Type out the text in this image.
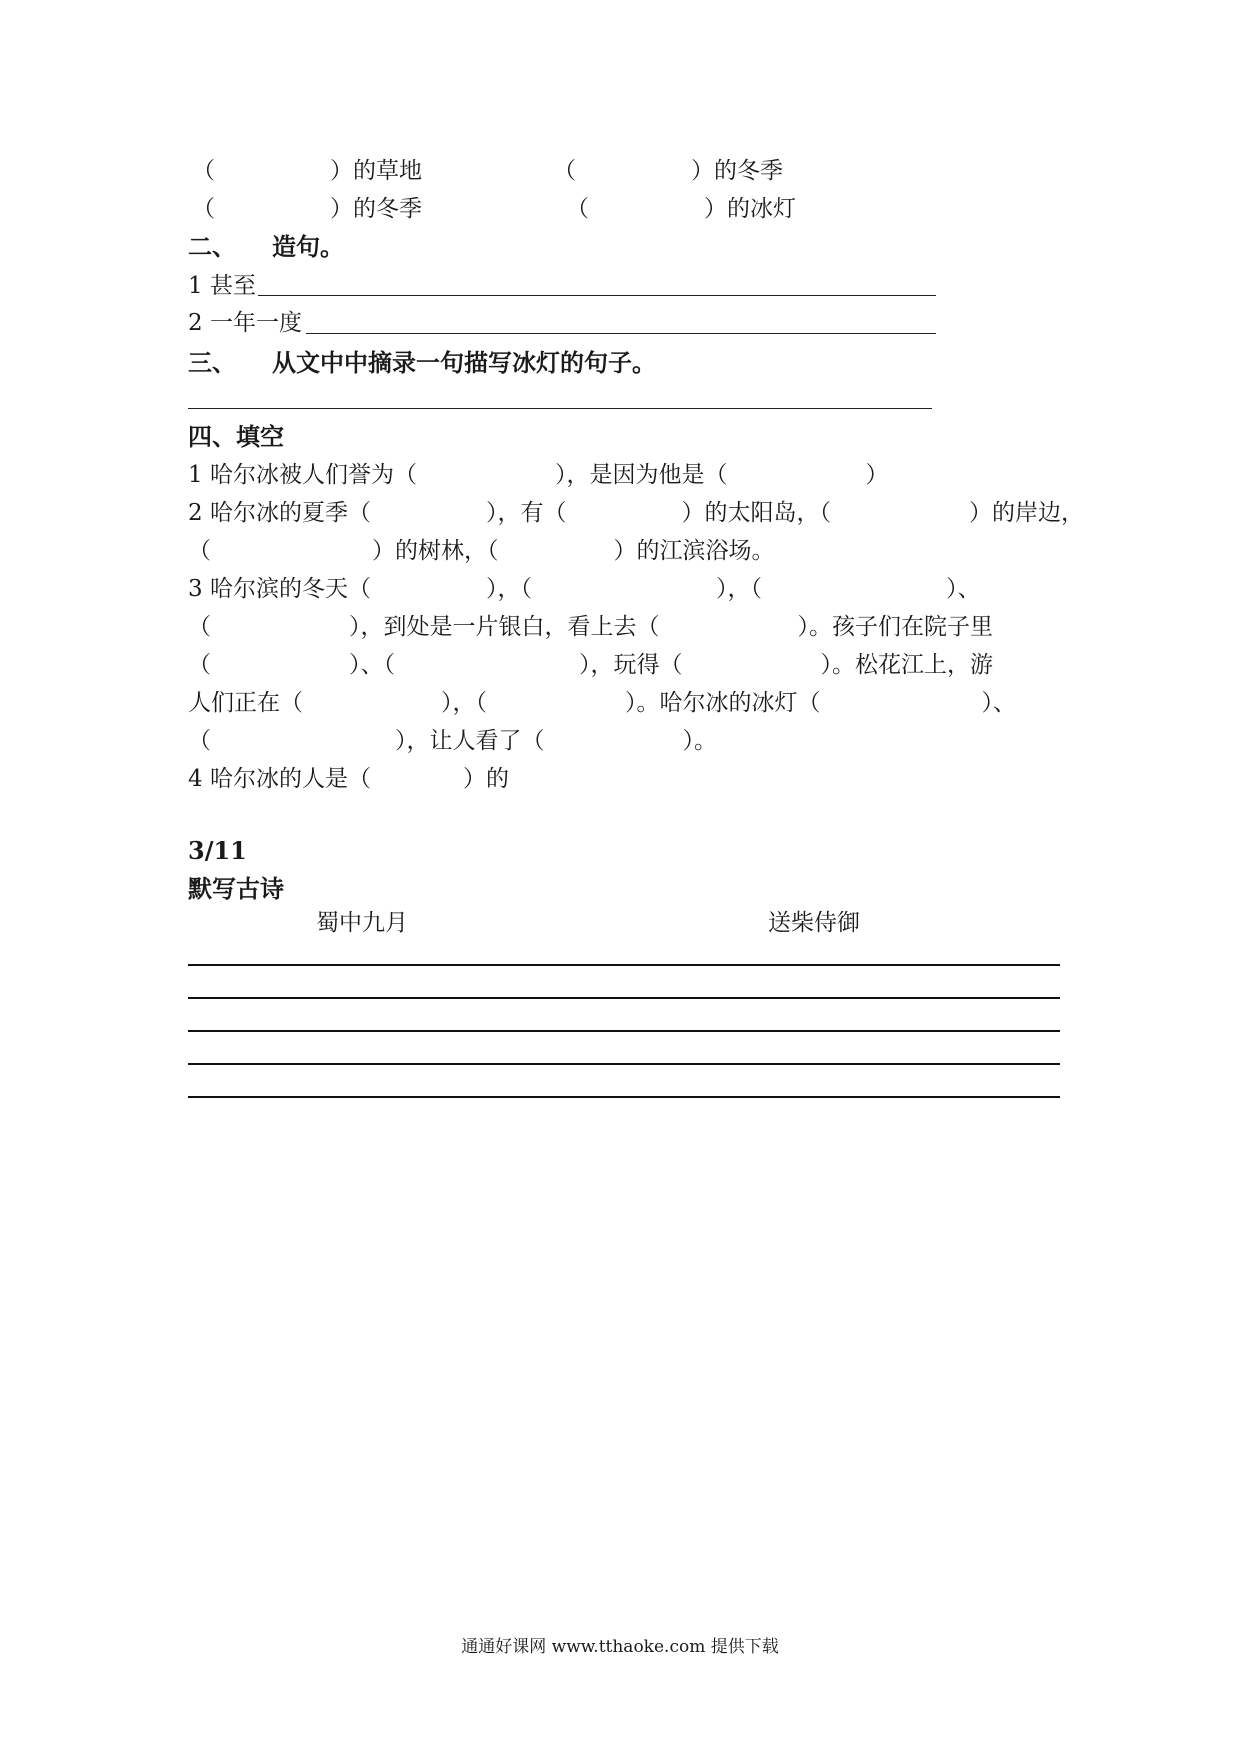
（　　　　　）的草地	（　　　　　）的冬季
（　　　　　）的冬季	（　　　　　）的冰灯
二、 造句。
1 甚至
2 一年一度
三、 从文中中摘录一句描写冰灯的句子。
四、填空
1 哈尔冰被人们誉为（　　　　　　），是因为他是（　　　　　　）
2 哈尔冰的夏季（　　　　　），有（　　　　　）的太阳岛，（　　　　　　）的岸边，
（　　　　　　　）的树林，（　　　　　）的江滨浴场。
3 哈尔滨的冬天（　　　　　），（　　　　　　　　），（　　　　　　　　）、
（　　　　　　），到处是一片银白，看上去（　　　　　　）。孩子们在院子里
（　　　　　　）、（　　　　　　　　），玩得（　　　　　　）。松花江上，游
人们正在（　　　　　　），（　　　　　　）。哈尔冰的冰灯（　　　　　　　）、
（　　　　　　　　），让人看了（　　　　　　）。
4 哈尔冰的人是（　　　　）的
3/11
默写古诗
蜀中九月	送柴侍御
通通好课网 www.tthaoke.com 提供下载
